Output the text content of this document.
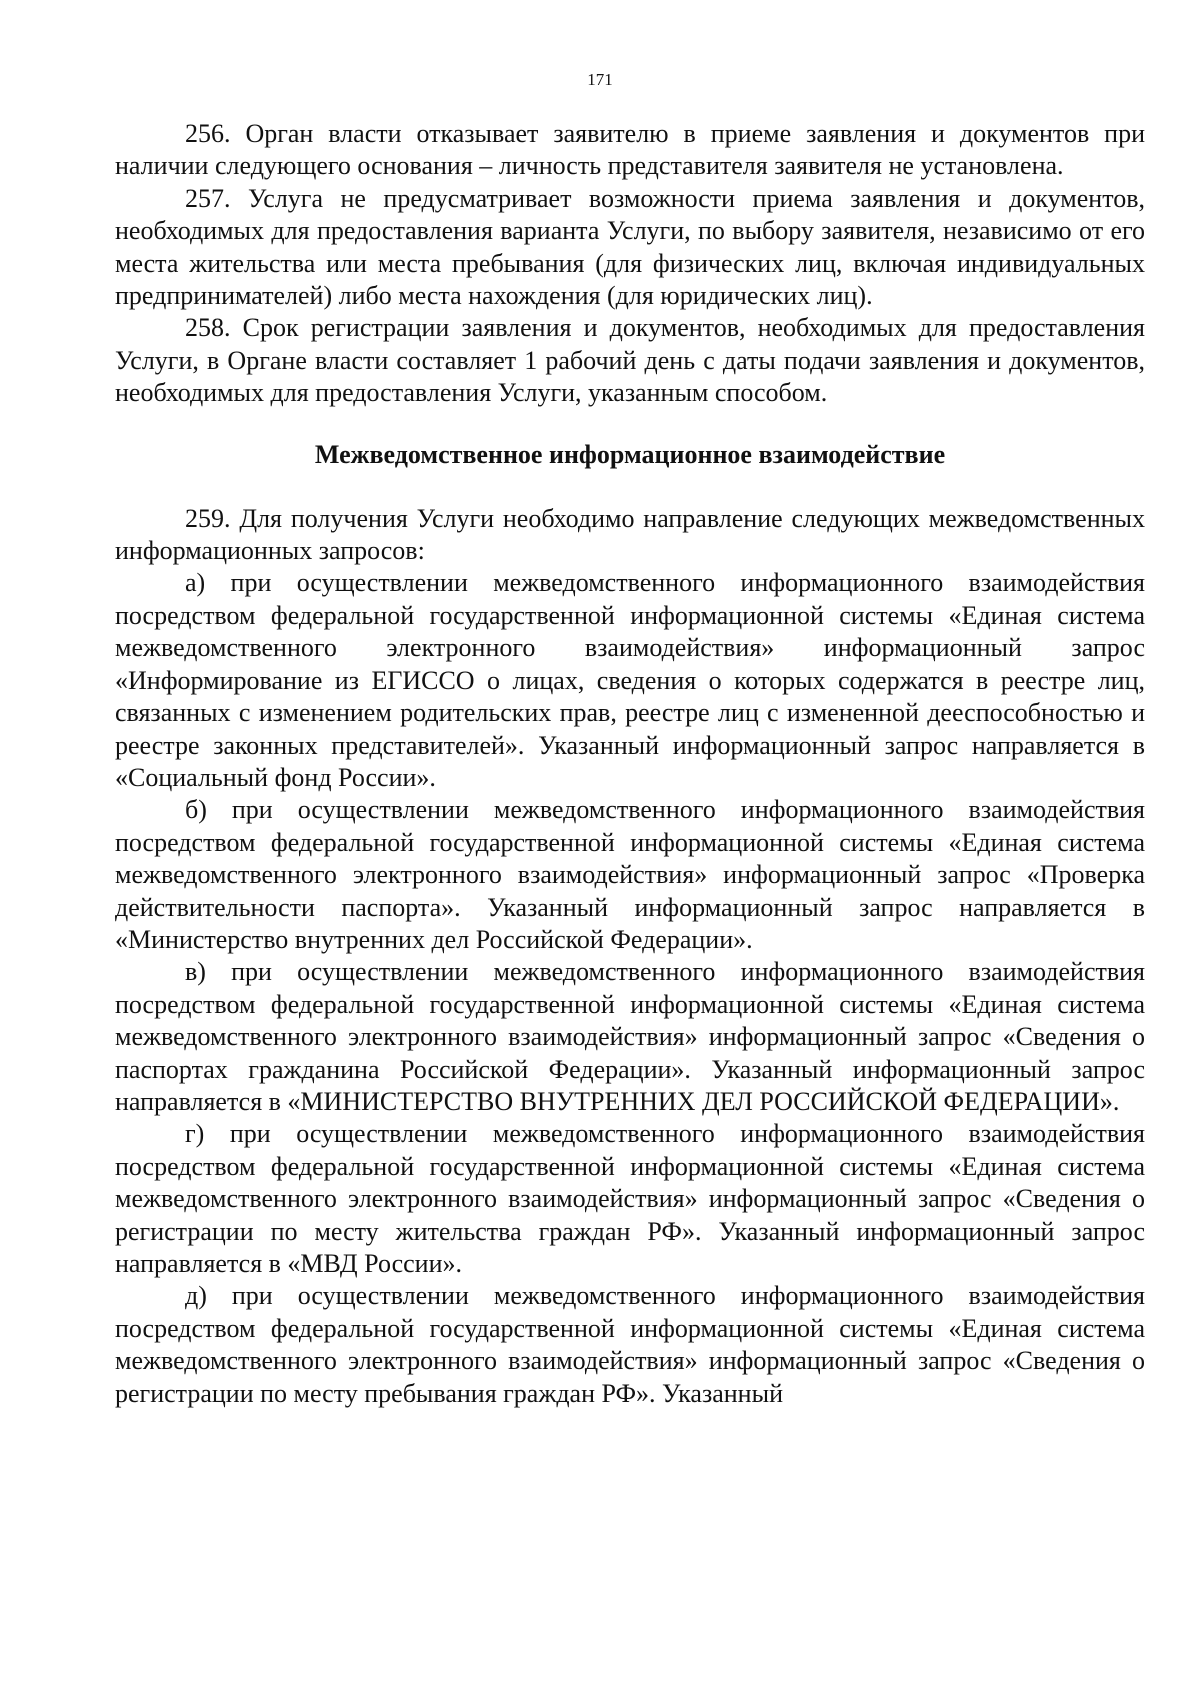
171

256. Орган власти отказывает заявителю в приеме заявления и документов при наличии следующего основания – личность представителя заявителя не установлена.

257. Услуга не предусматривает возможности приема заявления и документов, необходимых для предоставления варианта Услуги, по выбору заявителя, независимо от его места жительства или места пребывания (для физических лиц, включая индивидуальных предпринимателей) либо места нахождения (для юридических лиц).

258. Срок регистрации заявления и документов, необходимых для предоставления Услуги, в Органе власти составляет 1 рабочий день с даты подачи заявления и документов, необходимых для предоставления Услуги, указанным способом.

Межведомственное информационное взаимодействие

259. Для получения Услуги необходимо направление следующих межведомственных информационных запросов:

а) при осуществлении межведомственного информационного взаимодействия посредством федеральной государственной информационной системы «Единая система межведомственного электронного взаимодействия» информационный запрос «Информирование из ЕГИССО о лицах, сведения о которых содержатся в реестре лиц, связанных с изменением родительских прав, реестре лиц с измененной дееспособностью и реестре законных представителей». Указанный информационный запрос направляется в «Социальный фонд России».

б) при осуществлении межведомственного информационного взаимодействия посредством федеральной государственной информационной системы «Единая система межведомственного электронного взаимодействия» информационный запрос «Проверка действительности паспорта». Указанный информационный запрос направляется в «Министерство внутренних дел Российской Федерации».

в) при осуществлении межведомственного информационного взаимодействия посредством федеральной государственной информационной системы «Единая система межведомственного электронного взаимодействия» информационный запрос «Сведения о паспортах гражданина Российской Федерации». Указанный информационный запрос направляется в «МИНИСТЕРСТВО ВНУТРЕННИХ ДЕЛ РОССИЙСКОЙ ФЕДЕРАЦИИ».

г) при осуществлении межведомственного информационного взаимодействия посредством федеральной государственной информационной системы «Единая система межведомственного электронного взаимодействия» информационный запрос «Сведения о регистрации по месту жительства граждан РФ». Указанный информационный запрос направляется в «МВД России».

д) при осуществлении межведомственного информационного взаимодействия посредством федеральной государственной информационной системы «Единая система межведомственного электронного взаимодействия» информационный запрос «Сведения о регистрации по месту пребывания граждан РФ». Указанный
